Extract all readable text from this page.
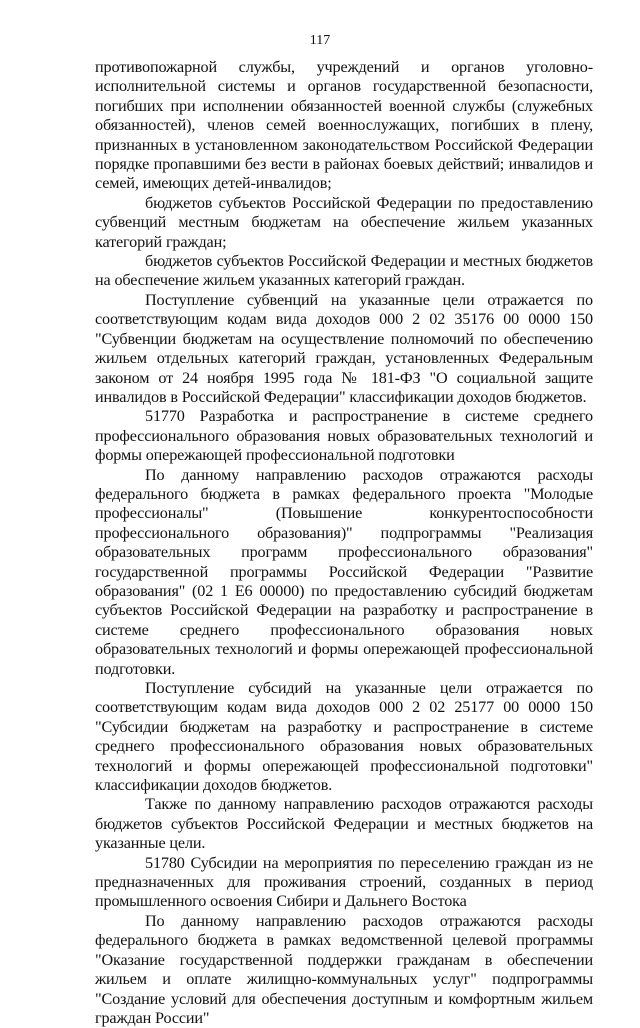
117

противопожарной службы, учреждений и органов уголовно-исполнительной системы и органов государственной безопасности, погибших при исполнении обязанностей военной службы (служебных обязанностей), членов семей военнослужащих, погибших в плену, признанных в установленном законодательством Российской Федерации порядке пропавшими без вести в районах боевых действий; инвалидов и семей, имеющих детей-инвалидов;

бюджетов субъектов Российской Федерации по предоставлению субвенций местным бюджетам на обеспечение жильем указанных категорий граждан;

бюджетов субъектов Российской Федерации и местных бюджетов на обеспечение жильем указанных категорий граждан.

Поступление субвенций на указанные цели отражается по соответствующим кодам вида доходов 000 2 02 35176 00 0000 150 "Субвенции бюджетам на осуществление полномочий по обеспечению жильем отдельных категорий граждан, установленных Федеральным законом от 24 ноября 1995 года № 181-ФЗ "О социальной защите инвалидов в Российской Федерации" классификации доходов бюджетов.

51770 Разработка и распространение в системе среднего профессионального образования новых образовательных технологий и формы опережающей профессиональной подготовки

По данному направлению расходов отражаются расходы федерального бюджета в рамках федерального проекта "Молодые профессионалы" (Повышение конкурентоспособности профессионального образования)" подпрограммы "Реализация образовательных программ профессионального образования" государственной программы Российской Федерации "Развитие образования" (02 1 Е6 00000) по предоставлению субсидий бюджетам субъектов Российской Федерации на разработку и распространение в системе среднего профессионального образования новых образовательных технологий и формы опережающей профессиональной подготовки.

Поступление субсидий на указанные цели отражается по соответствующим кодам вида доходов 000 2 02 25177 00 0000 150 "Субсидии бюджетам на разработку и распространение в системе среднего профессионального образования новых образовательных технологий и формы опережающей профессиональной подготовки" классификации доходов бюджетов.

Также по данному направлению расходов отражаются расходы бюджетов субъектов Российской Федерации и местных бюджетов на указанные цели.

51780 Субсидии на мероприятия по переселению граждан из не предназначенных для проживания строений, созданных в период промышленного освоения Сибири и Дальнего Востока

По данному направлению расходов отражаются расходы федерального бюджета в рамках ведомственной целевой программы "Оказание государственной поддержки гражданам в обеспечении жильем и оплате жилищно-коммунальных услуг" подпрограммы "Создание условий для обеспечения доступным и комфортным жильем граждан России"
